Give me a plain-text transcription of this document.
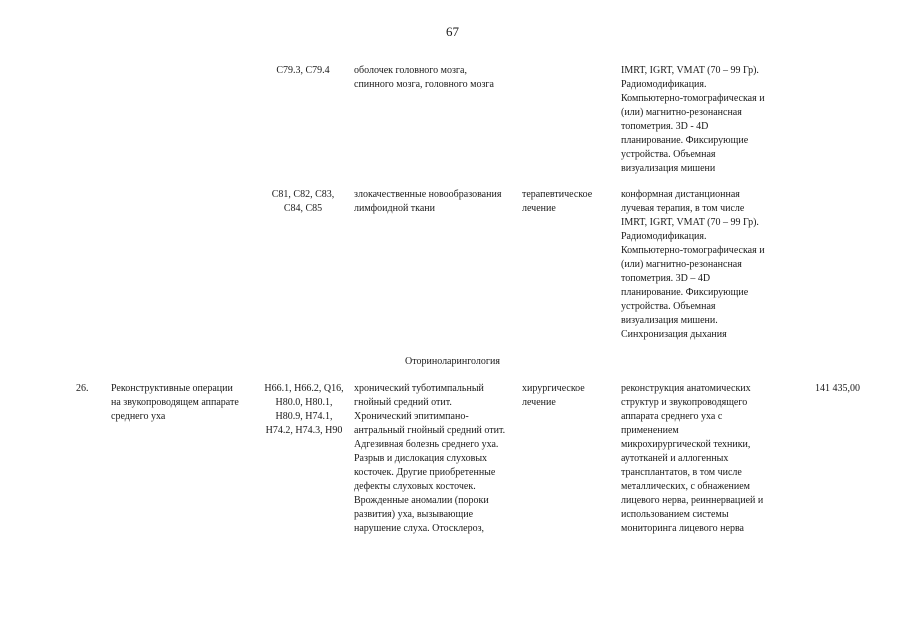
67
C79.3, C79.4	оболочек головного мозга,
спинного мозга, головного мозга
IMRT, IGRT, VMAT (70 – 99 Гр).
Радиомодификация.
Компьютерно-томографическая и
(или) магнитно-резонансная
топометрия. 3D - 4D
планирование. Фиксирующие
устройства. Объемная
визуализация мишени
C81, C82, C83,
C84, C85
злокачественные новообразования
лимфоидной ткани
терапевтическое
лечение
конформная дистанционная
лучевая терапия, в том числе
IMRT, IGRT, VMAT (70 – 99 Гр).
Радиомодификация.
Компьютерно-томографическая и
(или) магнитно-резонансная
топометрия. 3D – 4D
планирование. Фиксирующие
устройства. Объемная
визуализация мишени.
Синхронизация дыхания
Оториноларингология
26.	Реконструктивные операции
на звукопроводящем аппарате
среднего уха
H66.1, H66.2, Q16,
H80.0, H80.1,
H80.9, H74.1,
H74.2, H74.3, H90
хронический туботимпальный
гнойный средний отит.
Хронический эпитимпано-
антральный гнойный средний отит.
Адгезивная болезнь среднего уха.
Разрыв и дислокация слуховых
косточек. Другие приобретенные
дефекты слуховых косточек.
Врожденные аномалии (пороки
развития) уха, вызывающие
нарушение слуха. Отосклероз,
хирургическое
лечение
реконструкция анатомических
структур и звукопроводящего
аппарата среднего уха с
применением
микрохирургической техники,
аутотканей и аллогенных
трансплантатов, в том числе
металлических, с обнажением
лицевого нерва, реиннервацией и
использованием системы
мониторинга лицевого нерва
141 435,00
